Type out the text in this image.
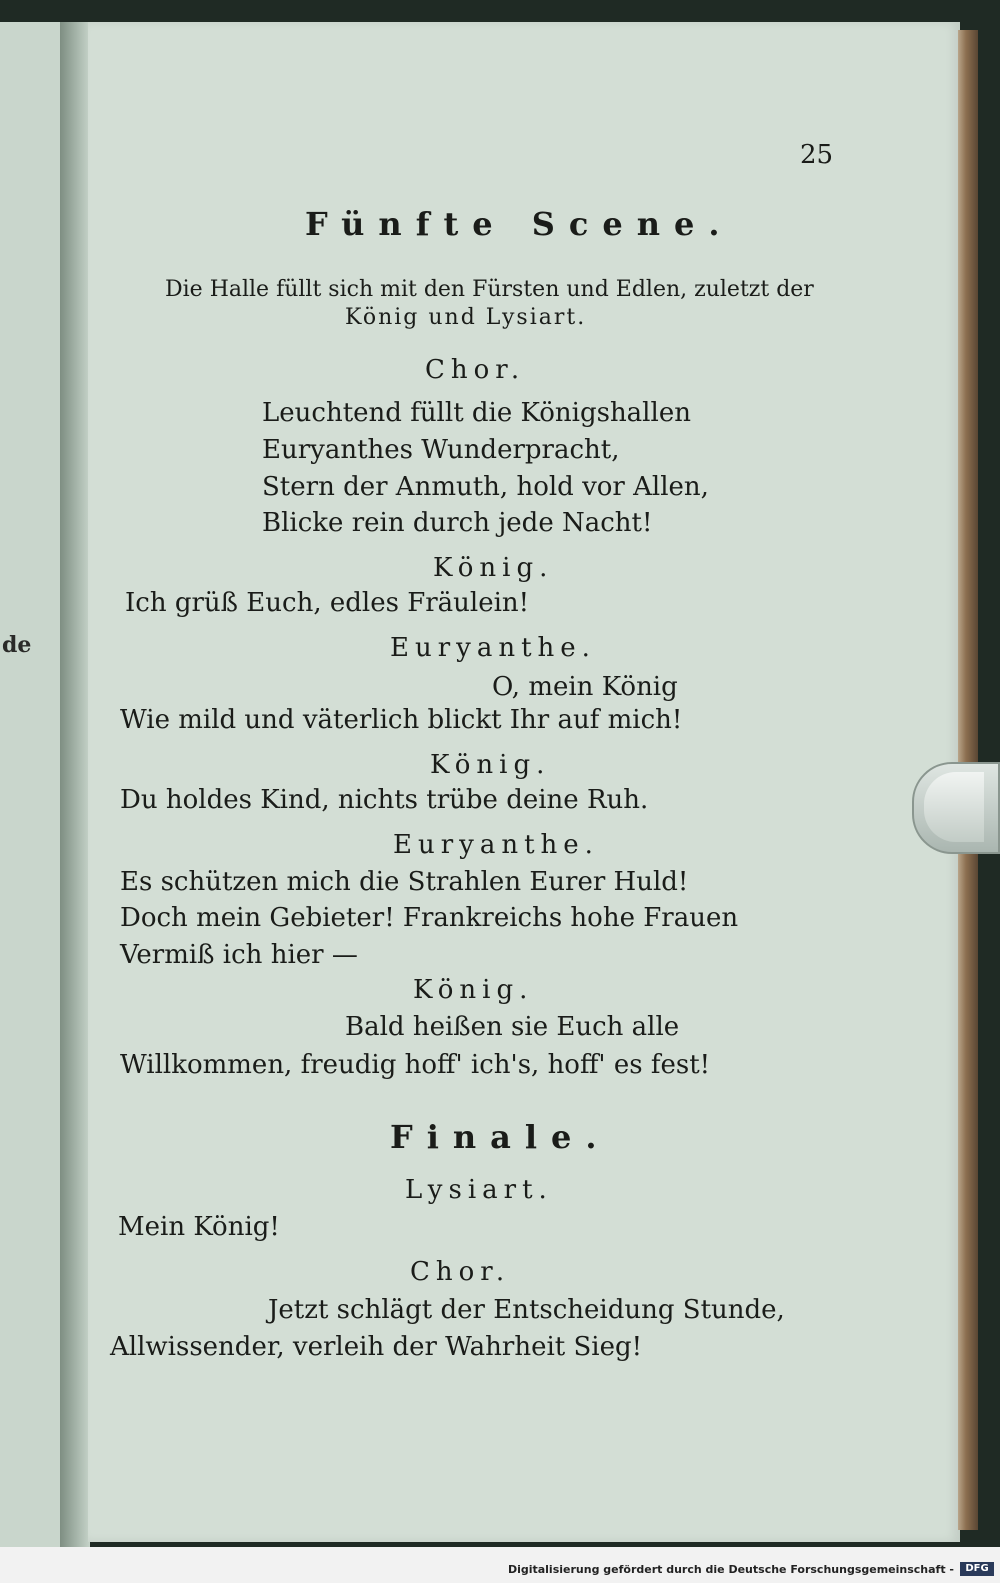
de
25
Fünfte Scene.
Die Halle füllt sich mit den Fürsten und Edlen, zuletzt der
König und Lysiart.
Chor.
Leuchtend füllt die Königshallen
Euryanthes Wunderpracht,
Stern der Anmuth, hold vor Allen,
Blicke rein durch jede Nacht!
König.
Ich grüß Euch, edles Fräulein!
Euryanthe.
O, mein König
Wie mild und väterlich blickt Ihr auf mich!
König.
Du holdes Kind, nichts trübe deine Ruh.
Euryanthe.
Es schützen mich die Strahlen Eurer Huld!
Doch mein Gebieter! Frankreichs hohe Frauen
Vermiß ich hier —
König.
Bald heißen sie Euch alle
Willkommen, freudig hoff' ich's, hoff' es fest!
Finale.
Lysiart.
Mein König!
Chor.
Jetzt schlägt der Entscheidung Stunde,
Allwissender, verleih der Wahrheit Sieg!
Digitalisierung gefördert durch die Deutsche Forschungsgemeinschaft -	DFG
